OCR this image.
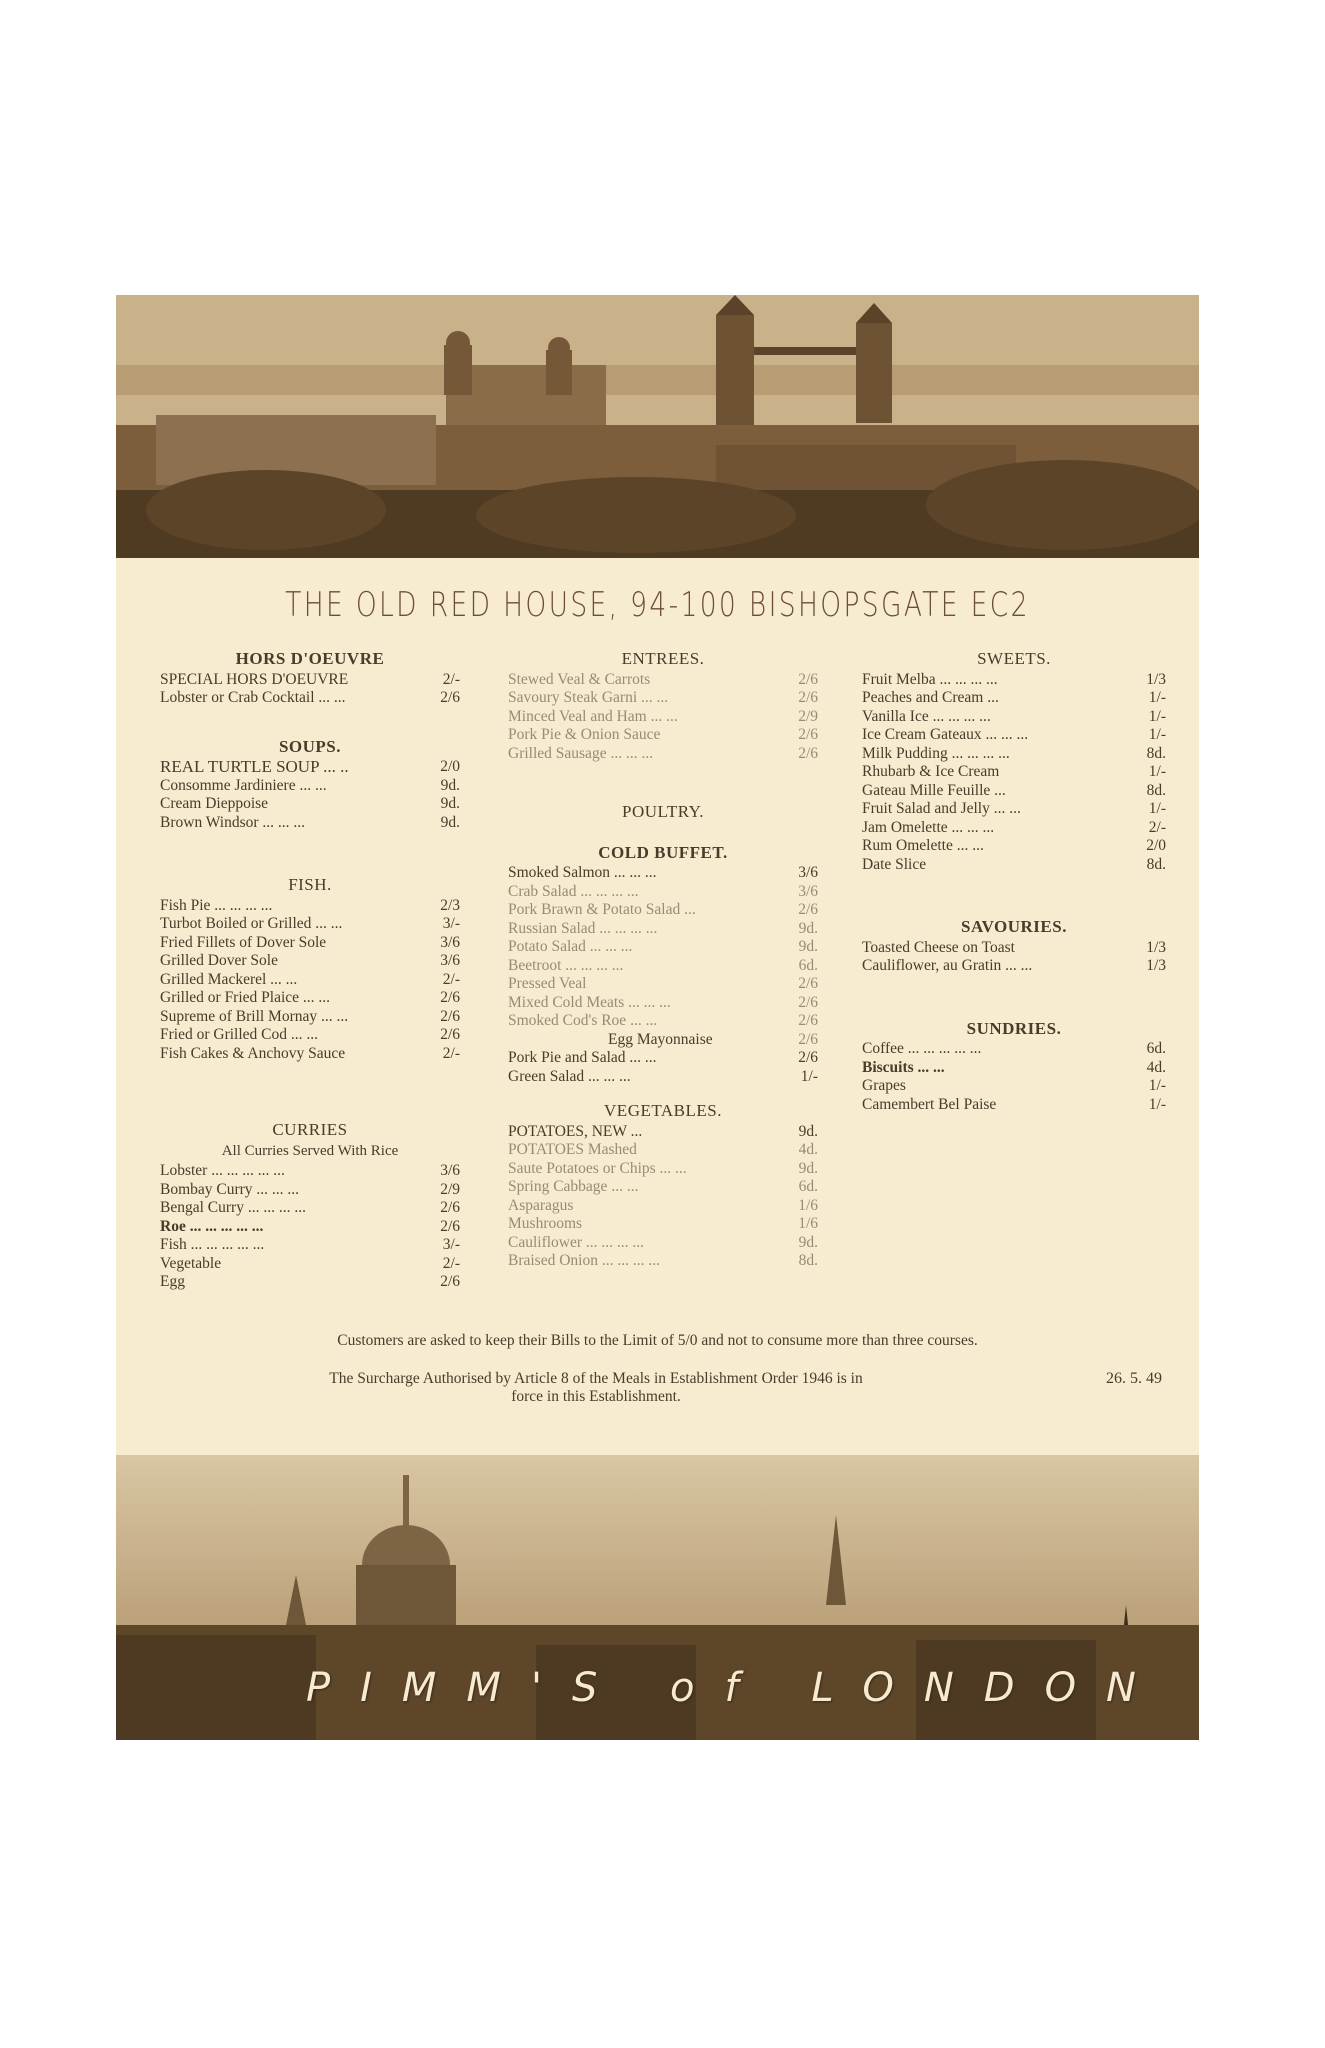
THE OLD RED HOUSE, 94-100 BISHOPSGATE EC2
HORS D'OEUVRE
SPECIAL HORS D'OEUVRE	2/-
Lobster or Crab Cocktail ... ...	2/6
SOUPS.
REAL TURTLE SOUP ... ..	2/0
Consomme Jardiniere ... ...	9d.
Cream Dieppoise	9d.
Brown Windsor ... ... ...	9d.
FISH.
Fish Pie ... ... ... ...	2/3
Turbot Boiled or Grilled ... ...	3/-
Fried Fillets of Dover Sole	3/6
Grilled Dover Sole	3/6
Grilled Mackerel ... ...	2/-
Grilled or Fried Plaice ... ...	2/6
Supreme of Brill Mornay ... ...	2/6
Fried or Grilled Cod ... ...	2/6
Fish Cakes & Anchovy Sauce	2/-
CURRIES
All Curries Served With Rice
Lobster ... ... ... ... ...	3/6
Bombay Curry ... ... ...	2/9
Bengal Curry ... ... ... ...	2/6
Roe ... ... ... ... ...	2/6
Fish ... ... ... ... ...	3/-
Vegetable	2/-
Egg	2/6
ENTREES.
Stewed Veal & Carrots	2/6
Savoury Steak Garni ... ...	2/6
Minced Veal and Ham ... ...	2/9
Pork Pie & Onion Sauce	2/6
Grilled Sausage ... ... ...	2/6
POULTRY.
COLD BUFFET.
Smoked Salmon ... ... ...	3/6
Crab Salad ... ... ... ...	3/6
Pork Brawn & Potato Salad ...	2/6
Russian Salad ... ... ... ...	9d.
Potato Salad ... ... ...	9d.
Beetroot ... ... ... ...	6d.
Pressed Veal	2/6
Mixed Cold Meats ... ... ...	2/6
Smoked Cod's Roe ... ...	2/6
Egg Mayonnaise	2/6
Pork Pie and Salad ... ...	2/6
Green Salad ... ... ...	1/-
VEGETABLES.
POTATOES, NEW ...	9d.
POTATOES Mashed	4d.
Saute Potatoes or Chips ... ...	9d.
Spring Cabbage ... ...	6d.
Asparagus	1/6
Mushrooms	1/6
Cauliflower ... ... ... ...	9d.
Braised Onion ... ... ... ...	8d.
SWEETS.
Fruit Melba ... ... ... ...	1/3
Peaches and Cream ...	1/-
Vanilla Ice ... ... ... ...	1/-
Ice Cream Gateaux ... ... ...	1/-
Milk Pudding ... ... ... ...	8d.
Rhubarb & Ice Cream	1/-
Gateau Mille Feuille ...	8d.
Fruit Salad and Jelly ... ...	1/-
Jam Omelette ... ... ...	2/-
Rum Omelette ... ...	2/0
Date Slice	8d.
SAVOURIES.
Toasted Cheese on Toast	1/3
Cauliflower, au Gratin ... ...	1/3
SUNDRIES.
Coffee ... ... ... ... ...	6d.
Biscuits ... ...	4d.
Grapes	1/-
Camembert Bel Paise	1/-
Customers are asked to keep their Bills to the Limit of 5/0 and not to consume more than three courses.
The Surcharge Authorised by Article 8 of the Meals in Establishment Order 1946 is in force in this Establishment.
26. 5. 49
PIMM'S of LONDON
